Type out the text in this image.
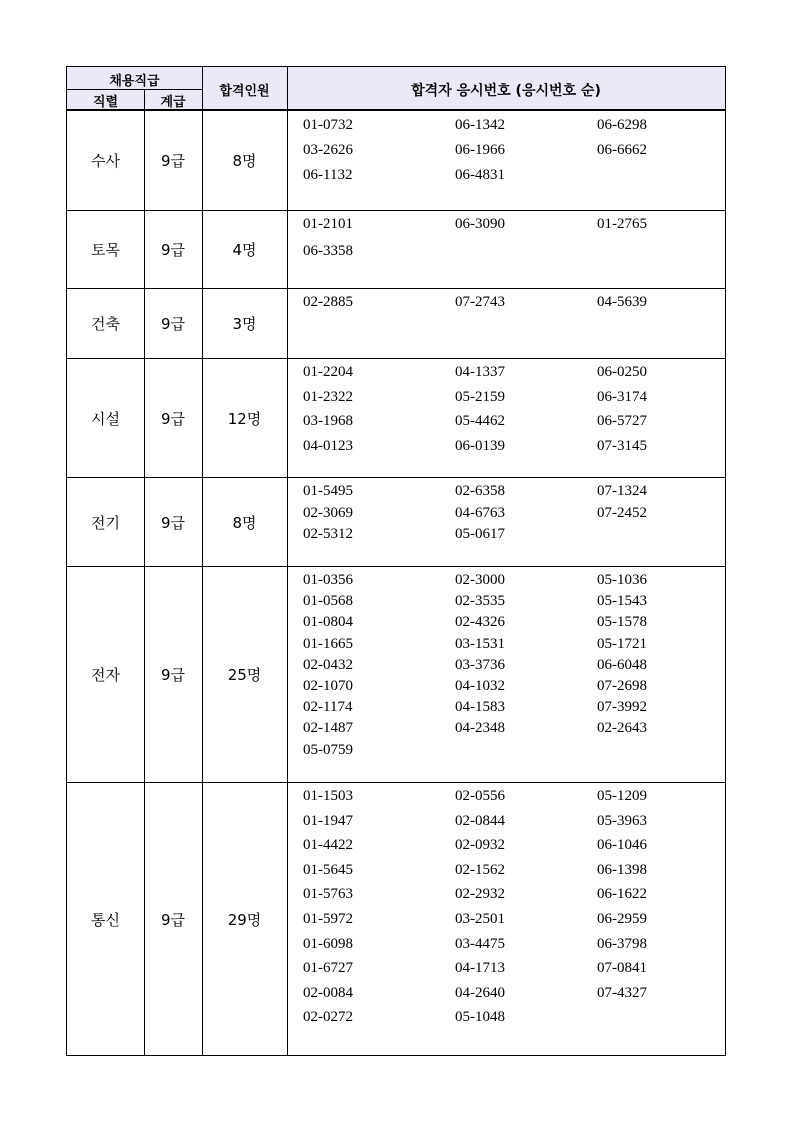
채용직급
직렬	계급
합격인원	합격자 응시번호 (응시번호 순)
수사	9급	8명
01-0732	06-1342	06-6298
03-2626	06-1966	06-6662
06-1132	06-4831
토목	9급	4명
01-2101	06-3090	01-2765
06-3358
건축	9급	3명
02-2885	07-2743	04-5639
시설	9급	12명
01-2204	04-1337	06-0250
01-2322	05-2159	06-3174
03-1968	05-4462	06-5727
04-0123	06-0139	07-3145
전기	9급	8명
01-5495	02-6358	07-1324
02-3069	04-6763	07-2452
02-5312	05-0617
전자	9급	25명
01-0356	02-3000	05-1036
01-0568	02-3535	05-1543
01-0804	02-4326	05-1578
01-1665	03-1531	05-1721
02-0432	03-3736	06-6048
02-1070	04-1032	07-2698
02-1174	04-1583	07-3992
02-1487	04-2348	02-2643
05-0759
통신	9급	29명
01-1503	02-0556	05-1209
01-1947	02-0844	05-3963
01-4422	02-0932	06-1046
01-5645	02-1562	06-1398
01-5763	02-2932	06-1622
01-5972	03-2501	06-2959
01-6098	03-4475	06-3798
01-6727	04-1713	07-0841
02-0084	04-2640	07-4327
02-0272	05-1048
